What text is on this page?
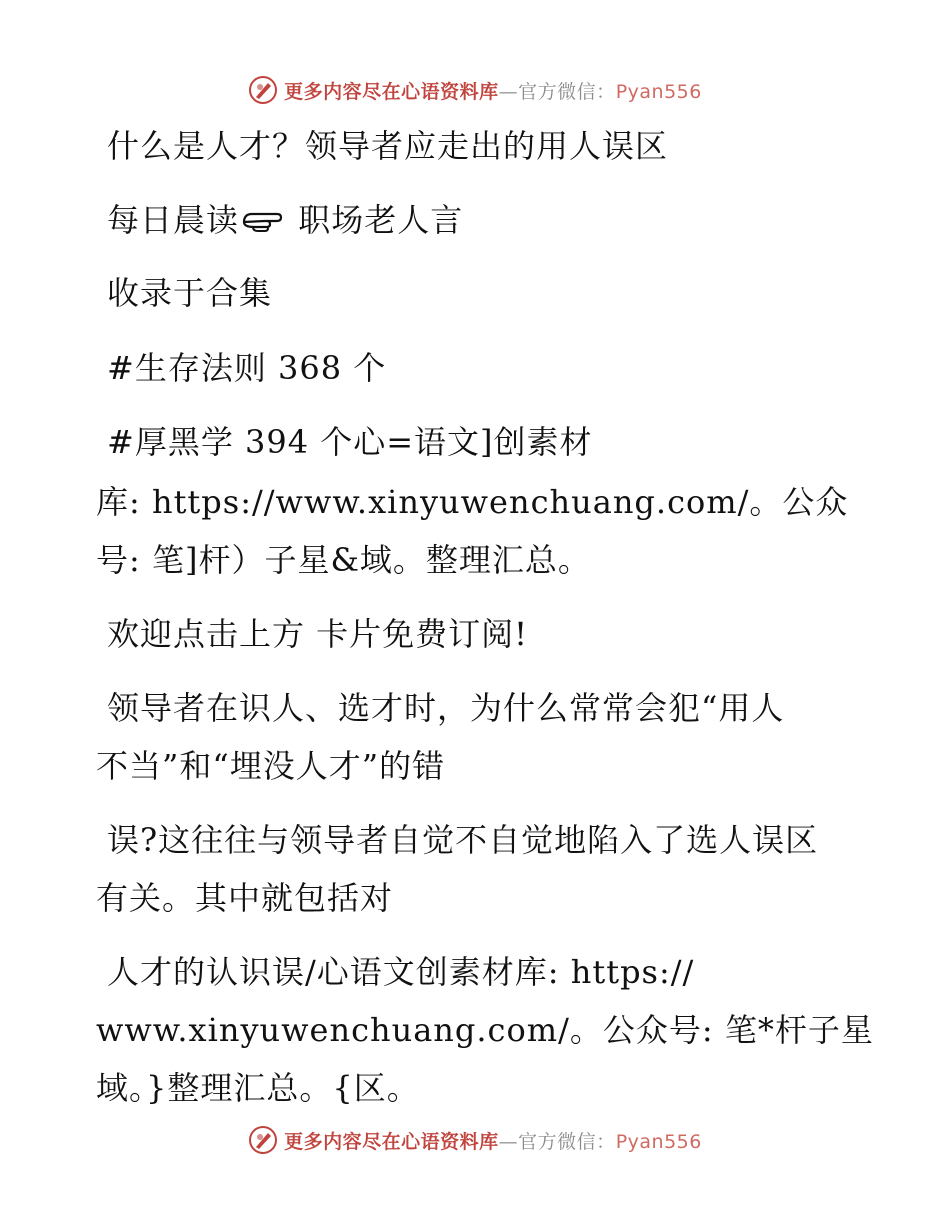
更多内容尽在心语资料库—官方微信：Pyan556
什么是人才？领导者应走出的用人误区
每日晨读 职场老人言
收录于合集
#生存法则 368 个
#厚黑学 394 个心=语文]创素材
库: https://www.xinyuwenchuang.com/。公众
号: 笔]杆）子星&域。整理汇总。
欢迎点击上方 卡片免费订阅!
领导者在识人、选才时，为什么常常会犯“用人
不当”和“埋没人才”的错
误?这往往与领导者自觉不自觉地陷入了选人误区
有关。其中就包括对
人才的认识误/心语文创素材库: https://
www.xinyuwenchuang.com/。公众号: 笔*杆子星
域。}整理汇总。{区。
更多内容尽在心语资料库—官方微信：Pyan556
